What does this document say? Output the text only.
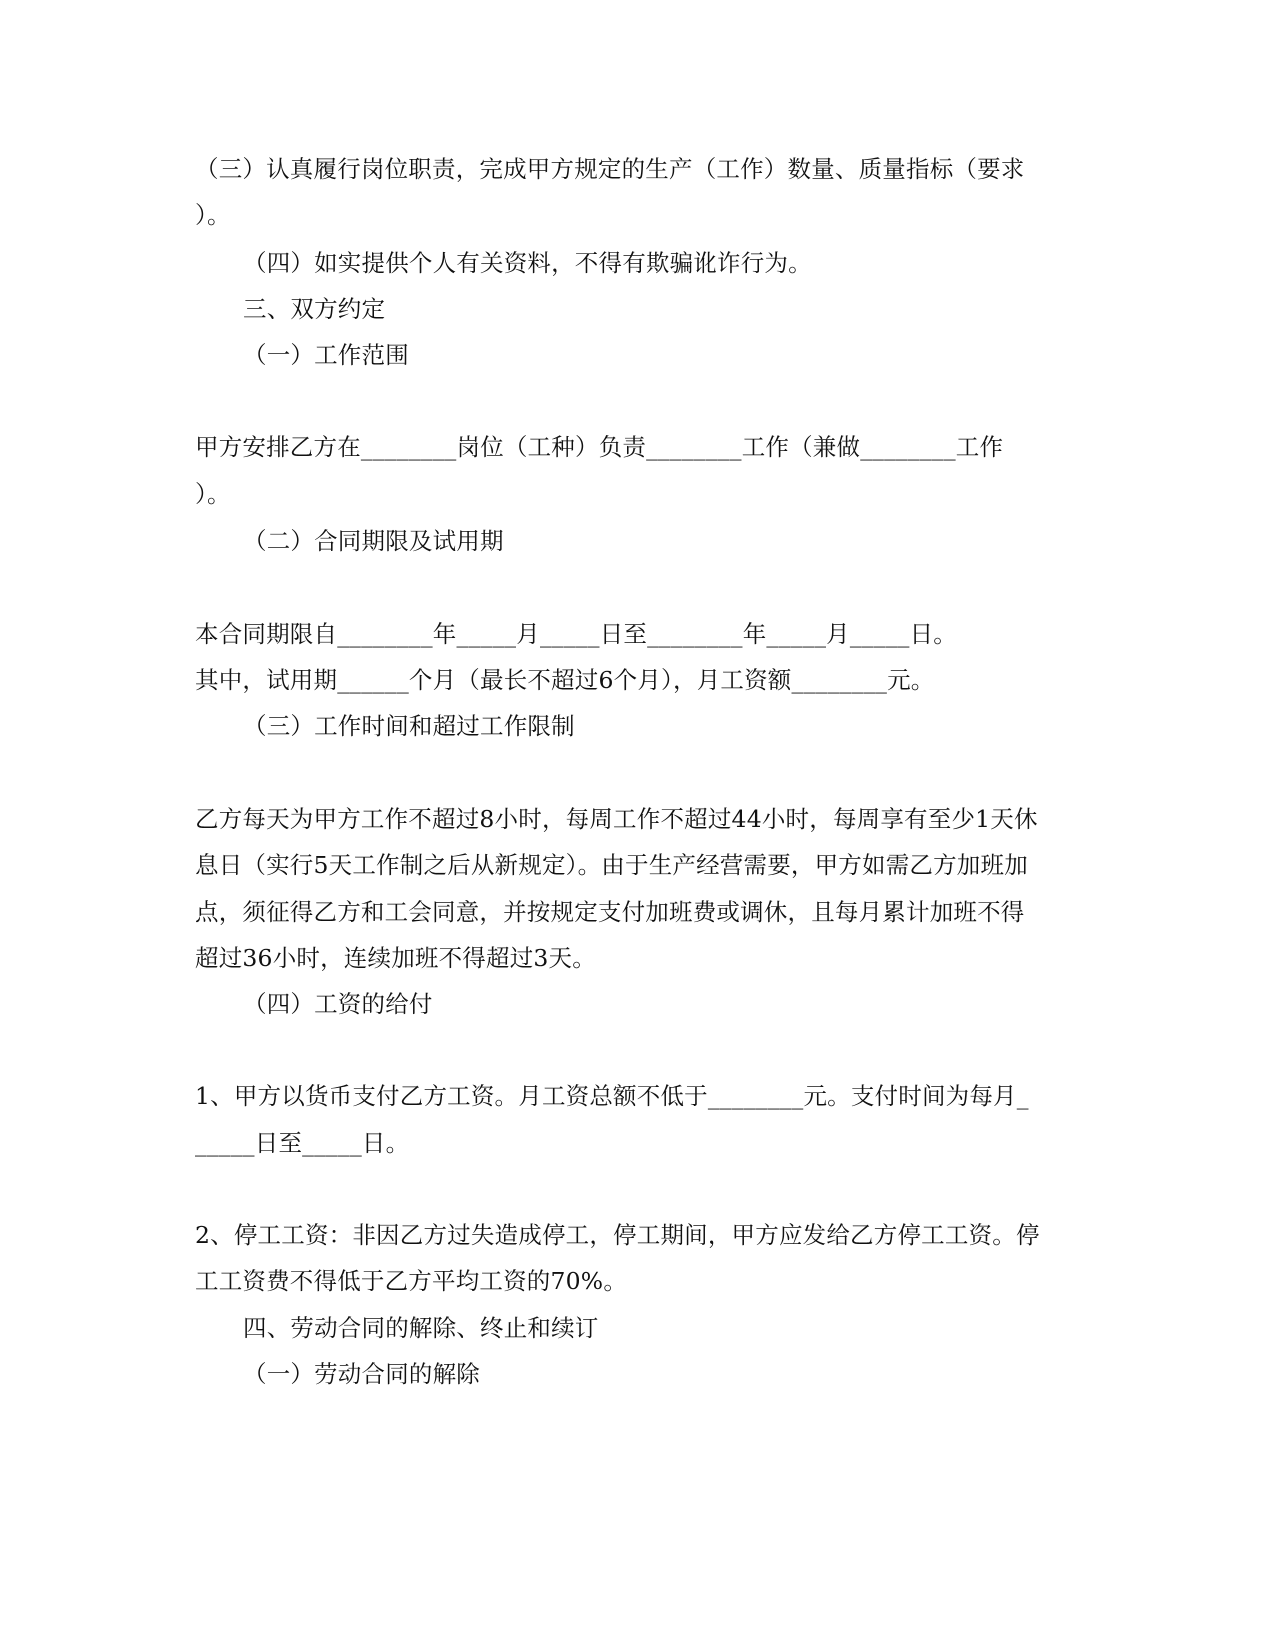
（三）认真履行岗位职责，完成甲方规定的生产（工作）数量、质量指标（要求
）。
（四）如实提供个人有关资料，不得有欺骗讹诈行为。
三、双方约定
（一）工作范围
甲方安排乙方在________岗位（工种）负责________工作（兼做________工作
）。
（二）合同期限及试用期
本合同期限自________年_____月_____日至________年_____月_____日。
其中，试用期______个月（最长不超过6个月），月工资额________元。
（三）工作时间和超过工作限制
乙方每天为甲方工作不超过8小时，每周工作不超过44小时，每周享有至少1天休
息日（实行5天工作制之后从新规定）。由于生产经营需要，甲方如需乙方加班加
点，须征得乙方和工会同意，并按规定支付加班费或调休，且每月累计加班不得
超过36小时，连续加班不得超过3天。
（四）工资的给付
1、甲方以货币支付乙方工资。月工资总额不低于________元。支付时间为每月_
_____日至_____日。
2、停工工资：非因乙方过失造成停工，停工期间，甲方应发给乙方停工工资。停
工工资费不得低于乙方平均工资的70%。
四、劳动合同的解除、终止和续订
（一）劳动合同的解除
